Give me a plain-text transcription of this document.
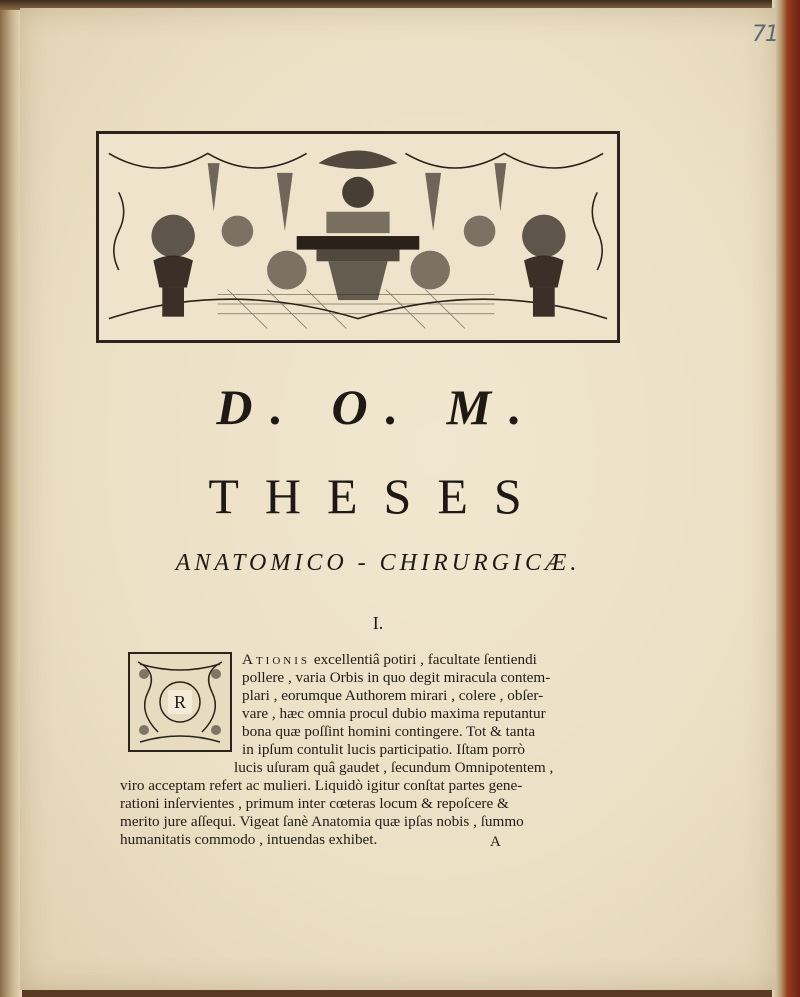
71
D. O. M.
THESES
ANATOMICO - CHIRURGICÆ.
I.
R
Ationis excellentiâ potiri , facultate ſentiendi
pollere , varia Orbis in quo degit miracula contem-
plari , eorumque Authorem mirari , colere , obſer-
vare , hæc omnia procul dubio maxima reputantur
bona quæ poſſint homini contingere. Tot & tanta
in ipſum contulit lucis participatio. Iſtam porrò
lucis uſuram quâ gaudet , ſecundum Omnipotentem ,
viro acceptam refert ac mulieri. Liquidò igitur conſtat partes gene-
rationi inſervientes , primum inter cœteras locum & repoſcere &
merito jure aſſequi. Vigeat ſanè Anatomia quæ ipſas nobis , ſummo
humanitatis commodo , intuendas exhibet.	A
